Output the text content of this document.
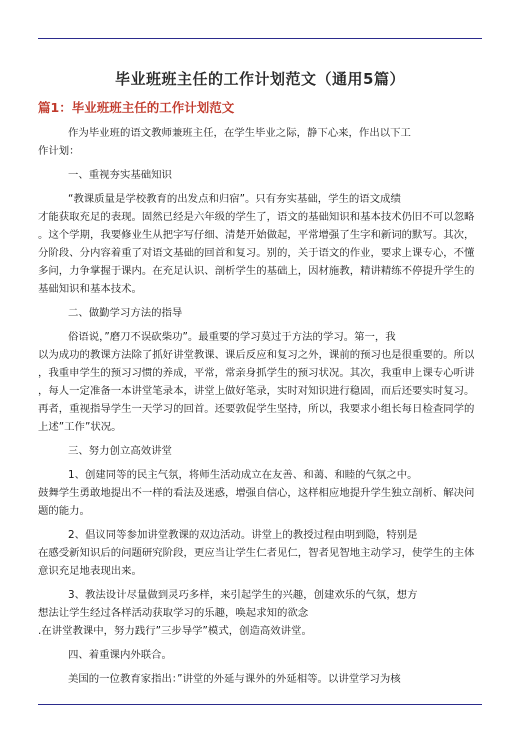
毕业班班主任的工作计划范文（通用5篇）
篇1：毕业班班主任的工作计划范文

作为毕业班的语文教师兼班主任，在学生毕业之际，静下心来，作出以下工

作计划：

一、重视夯实基础知识

“教课质量是学校教育的出发点和归宿”。只有夯实基础，学生的语文成绩

才能获取充足的表现。固然已经是六年级的学生了，语文的基础知识和基本技术仍旧不可以忽略

。这个学期，我要修业生从把字写仔细、清楚开始做起，平常增强了生字和新词的默写。其次，

分阶段、分内容着重了对语文基础的回首和复习。别的，关于语文的作业，要求上课专心，不懂

多问，力争掌握于课内。在充足认识、剖析学生的基础上，因材施教，精讲精练不停提升学生的

基础知识和基本技术。

二、做勤学习方法的指导

俗语说，”磨刀不误砍柴功”。最重要的学习莫过于方法的学习。第一，我

以为成功的教课方法除了抓好讲堂教课、课后反应和复习之外，课前的预习也是很重要的。所以

，我重申学生的预习习惯的养成，平常，常亲身抓学生的预习状况。其次，我重申上课专心听讲

，每人一定准备一本讲堂笔录本，讲堂上做好笔录，实时对知识进行稳固，而后还要实时复习。

再者，重视指导学生一天学习的回首。还要敦促学生坚持，所以，我要求小组长每日检查同学的

上述”工作”状况。

三、努力创立高效讲堂

1、创建同等的民主气氛，将师生活动成立在友善、和蔼、和睦的气氛之中。

鼓舞学生勇敢地提出不一样的看法及迷惑，增强自信心，这样相应地提升学生独立剖析、解决问

题的能力。

2、倡议同等参加讲堂教课的双边活动。讲堂上的教授过程由明到隐，特别是

在感受新知识后的问题研究阶段，更应当让学生仁者见仁，智者见智地主动学习，使学生的主体

意识充足地表现出来。

3、教法设计尽量做到灵巧多样，来引起学生的兴趣，创建欢乐的气氛，想方

想法让学生经过各样活动获取学习的乐趣，唤起求知的欲念

.在讲堂教课中，努力践行”三步导学”模式，创造高效讲堂。

四、着重课内外联合。

美国的一位教育家指出：”讲堂的外延与课外的外延相等。以讲堂学习为核
